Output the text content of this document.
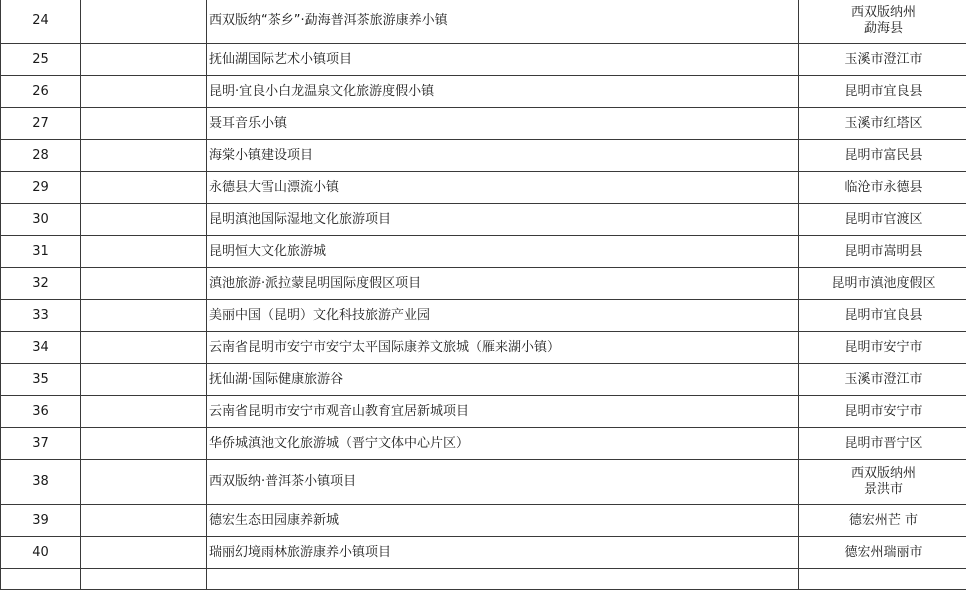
24		西双版纳“茶乡”·勐海普洱茶旅游康养小镇	西双版纳州
勐海县

25		抚仙湖国际艺术小镇项目	玉溪市澄江市

26		昆明·宜良小白龙温泉文化旅游度假小镇	昆明市宜良县

27		聂耳音乐小镇	玉溪市红塔区

28		海棠小镇建设项目	昆明市富民县

29		永德县大雪山漂流小镇	临沧市永德县

30		昆明滇池国际湿地文化旅游项目	昆明市官渡区

31		昆明恒大文化旅游城	昆明市嵩明县

32		滇池旅游·派拉蒙昆明国际度假区项目	昆明市滇池度假区

33		美丽中国（昆明）文化科技旅游产业园	昆明市宜良县

34		云南省昆明市安宁市安宁太平国际康养文旅城（雁来湖小镇）	昆明市安宁市

35		抚仙湖·国际健康旅游谷	玉溪市澄江市

36		云南省昆明市安宁市观音山教育宜居新城项目	昆明市安宁市

37		华侨城滇池文化旅游城（晋宁文体中心片区）	昆明市晋宁区

38		西双版纳·普洱茶小镇项目	西双版纳州
景洪市

39		德宏生态田园康养新城	德宏州芒 市

40		瑞丽幻境雨林旅游康养小镇项目	德宏州瑞丽市
